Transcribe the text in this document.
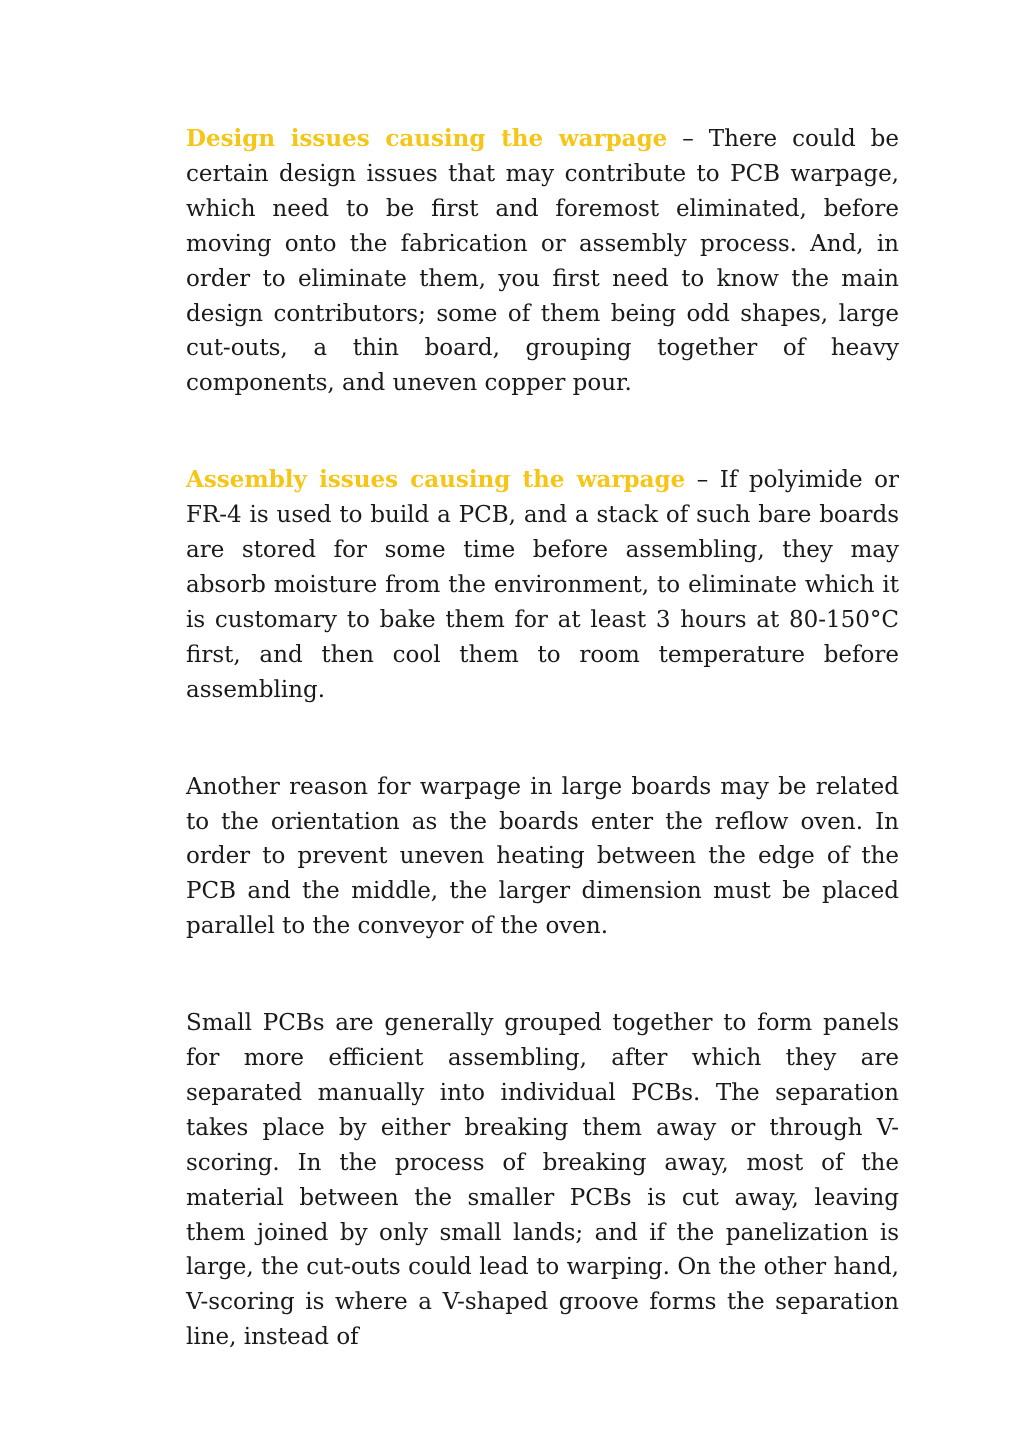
Design issues causing the warpage – There could be certain design issues that may contribute to PCB warpage, which need to be first and foremost eliminated, before moving onto the fabrication or assembly process. And, in order to eliminate them, you first need to know the main design contributors; some of them being odd shapes, large cut-outs, a thin board, grouping together of heavy components, and uneven copper pour.

Assembly issues causing the warpage – If polyimide or FR-4 is used to build a PCB, and a stack of such bare boards are stored for some time before assembling, they may absorb moisture from the environment, to eliminate which it is customary to bake them for at least 3 hours at 80-150°C first, and then cool them to room temperature before assembling.

Another reason for warpage in large boards may be related to the orientation as the boards enter the reflow oven. In order to prevent uneven heating between the edge of the PCB and the middle, the larger dimension must be placed parallel to the conveyor of the oven.

Small PCBs are generally grouped together to form panels for more efficient assembling, after which they are separated manually into individual PCBs. The separation takes place by either breaking them away or through V-scoring. In the process of breaking away, most of the material between the smaller PCBs is cut away, leaving them joined by only small lands; and if the panelization is large, the cut-outs could lead to warping. On the other hand, V-scoring is where a V-shaped groove forms the separation line, instead of
